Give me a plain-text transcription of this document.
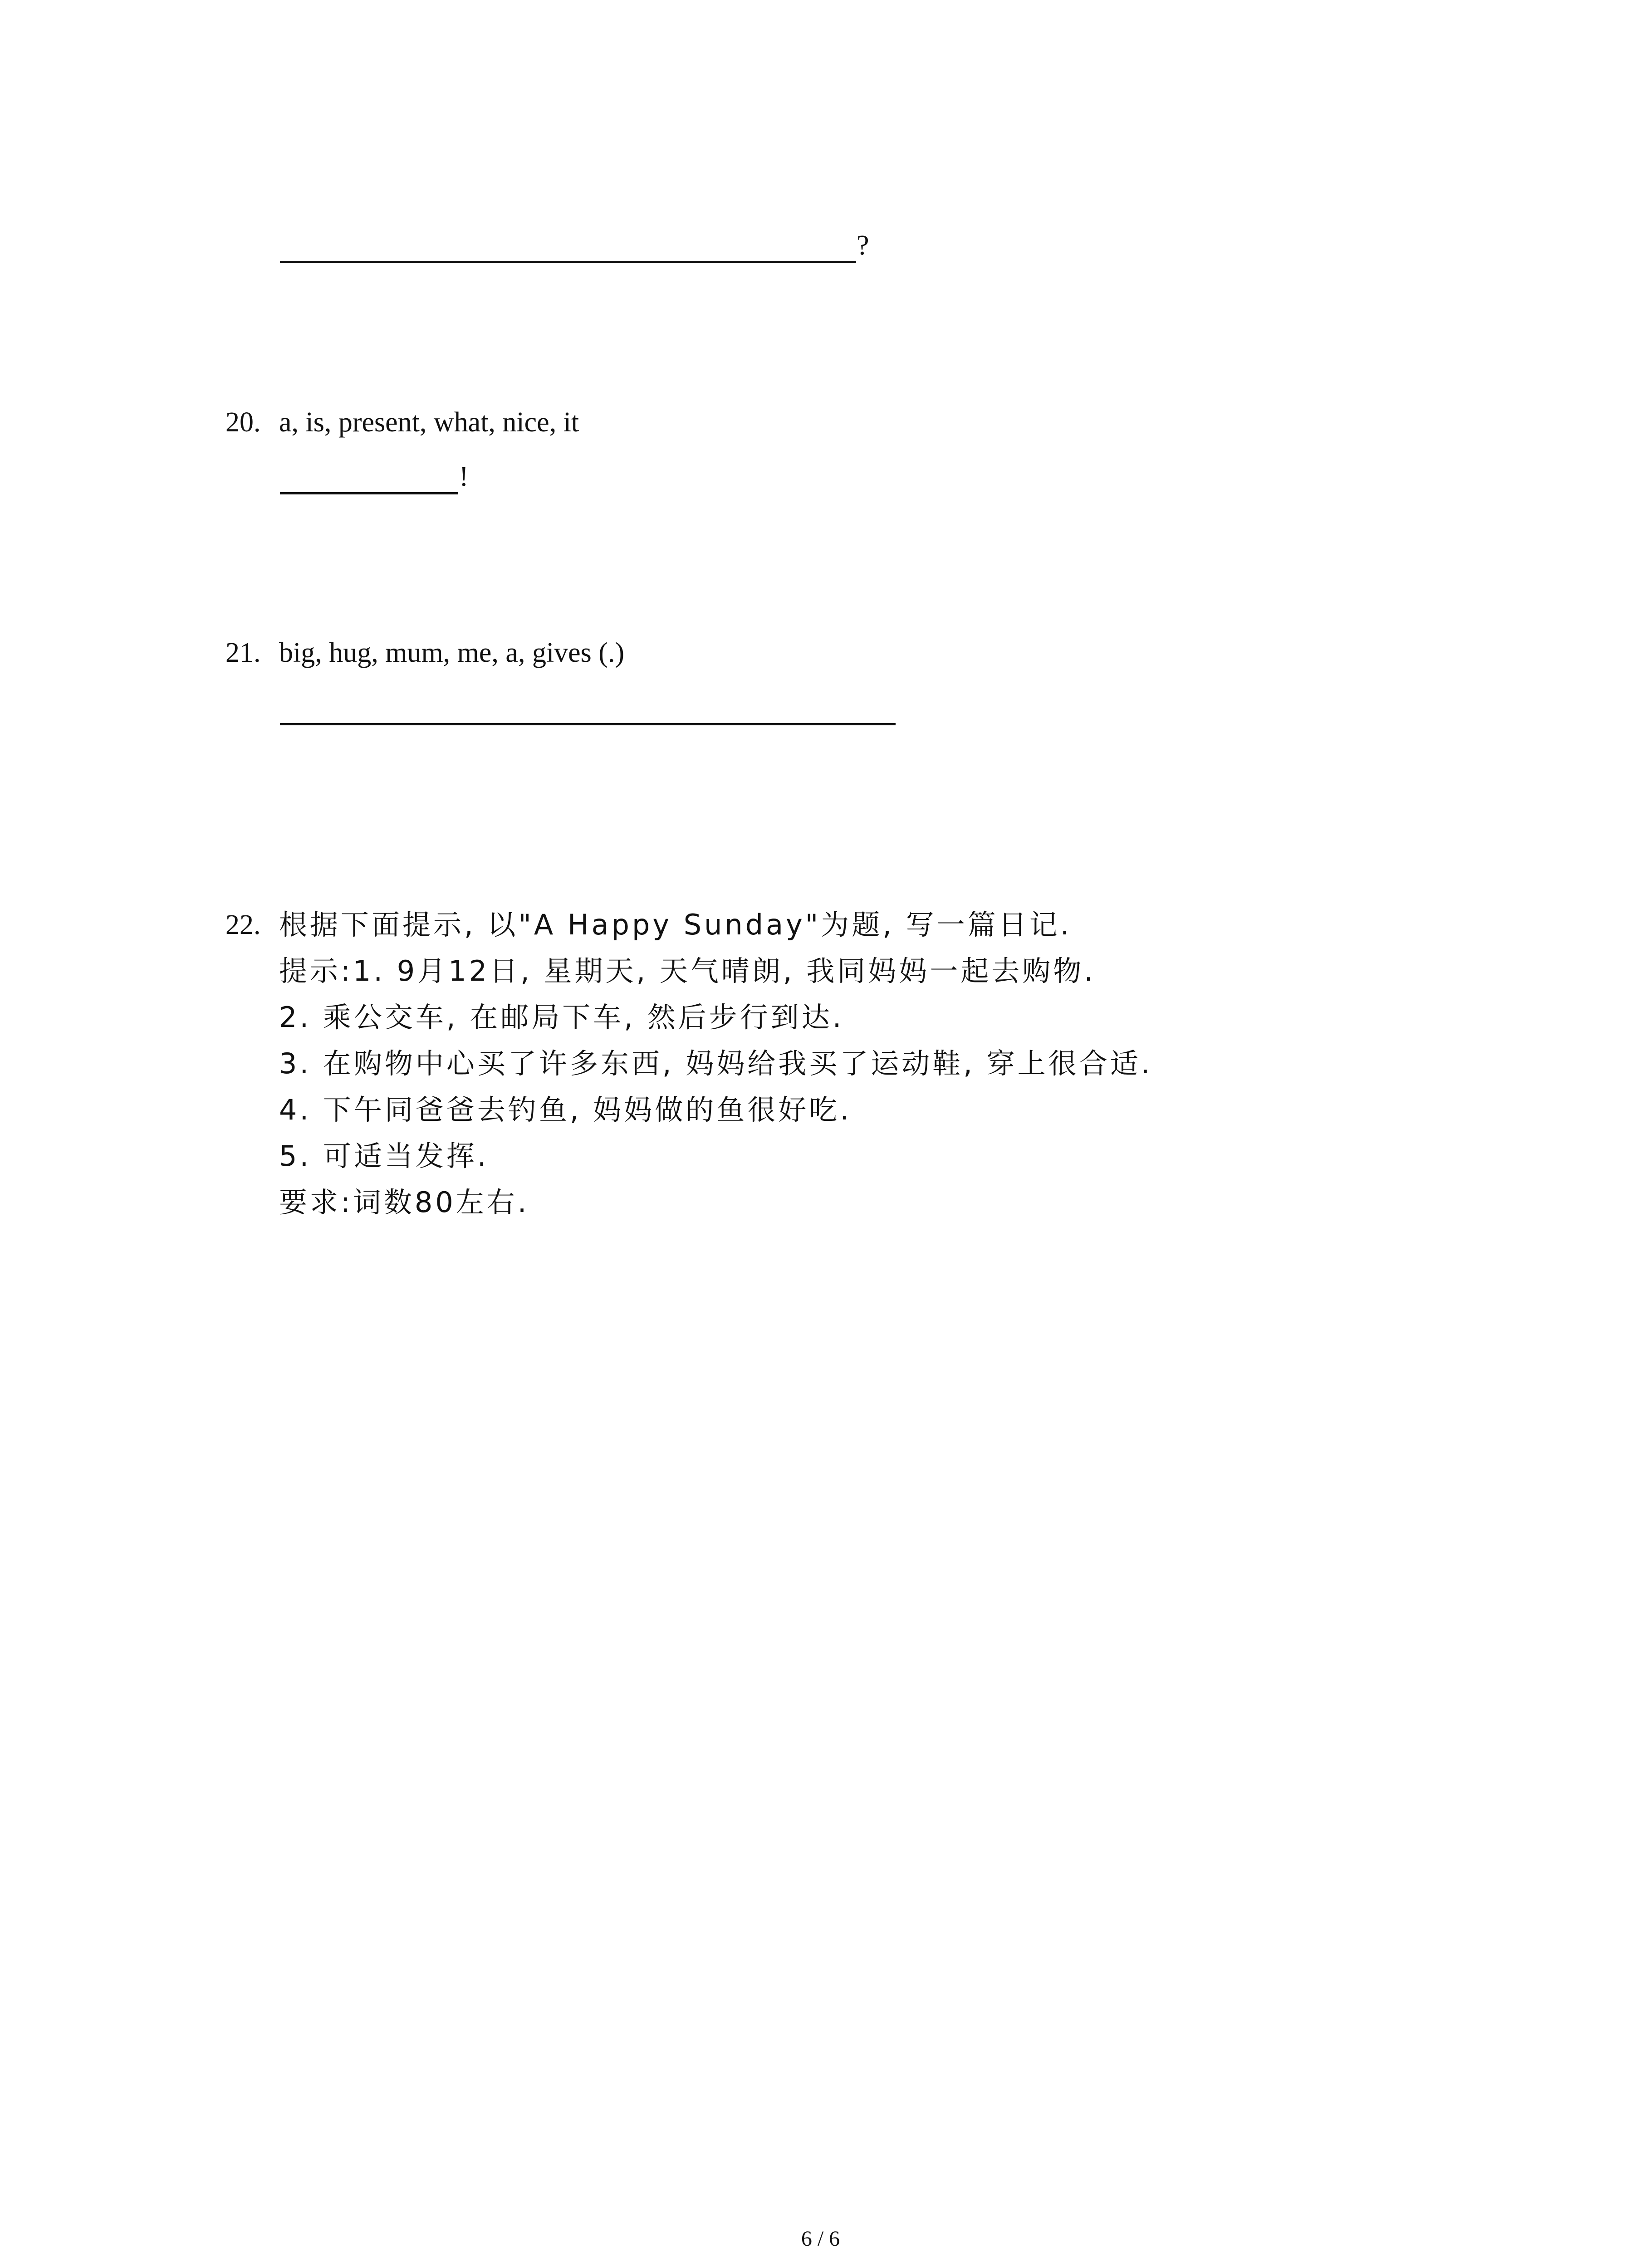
?
20. a, is, present, what, nice, it
!
21. big, hug, mum, me, a, gives (.)
22. 根据下面提示, 以"A Happy Sunday"为题, 写一篇日记.
提示:1. 9月12日, 星期天, 天气晴朗, 我同妈妈一起去购物.
2. 乘公交车, 在邮局下车, 然后步行到达.
3. 在购物中心买了许多东西, 妈妈给我买了运动鞋, 穿上很合适.
4. 下午同爸爸去钓鱼, 妈妈做的鱼很好吃.
5. 可适当发挥.
要求:词数80左右.
6 / 6
